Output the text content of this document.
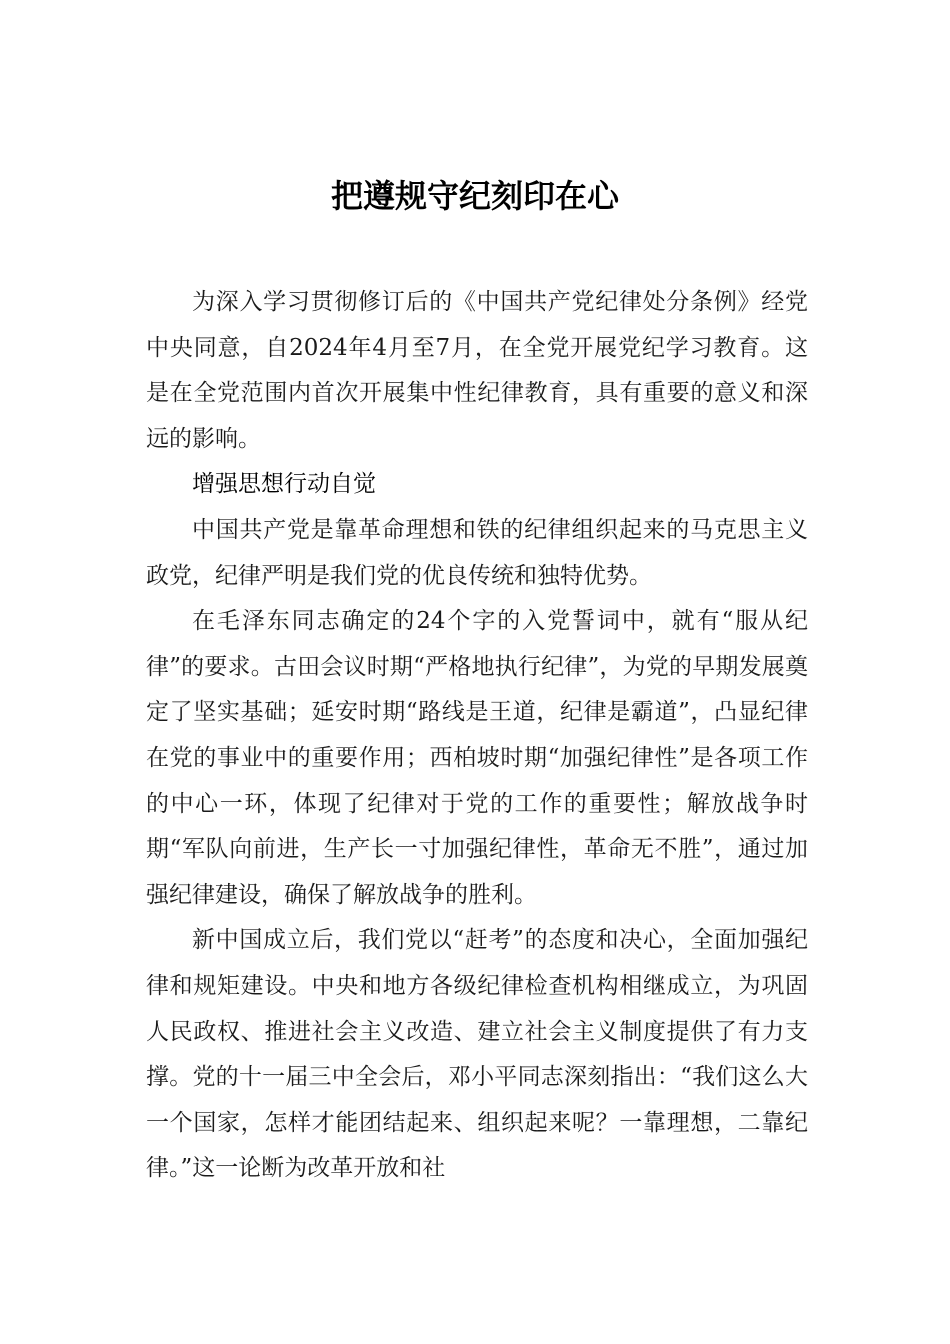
把遵规守纪刻印在心

为深入学习贯彻修订后的《中国共产党纪律处分条例》经党中央同意，自2024年4月至7月，在全党开展党纪学习教育。这是在全党范围内首次开展集中性纪律教育，具有重要的意义和深远的影响。

增强思想行动自觉

中国共产党是靠革命理想和铁的纪律组织起来的马克思主义政党，纪律严明是我们党的优良传统和独特优势。

在毛泽东同志确定的24个字的入党誓词中，就有“服从纪律”的要求。古田会议时期“严格地执行纪律”，为党的早期发展奠定了坚实基础；延安时期“路线是王道，纪律是霸道”，凸显纪律在党的事业中的重要作用；西柏坡时期“加强纪律性”是各项工作的中心一环，体现了纪律对于党的工作的重要性；解放战争时期“军队向前进，生产长一寸加强纪律性，革命无不胜”，通过加强纪律建设，确保了解放战争的胜利。

新中国成立后，我们党以“赶考”的态度和决心，全面加强纪律和规矩建设。中央和地方各级纪律检查机构相继成立，为巩固人民政权、推进社会主义改造、建立社会主义制度提供了有力支撑。党的十一届三中全会后，邓小平同志深刻指出：“我们这么大一个国家，怎样才能团结起来、组织起来呢？一靠理想，二靠纪律。”这一论断为改革开放和社
